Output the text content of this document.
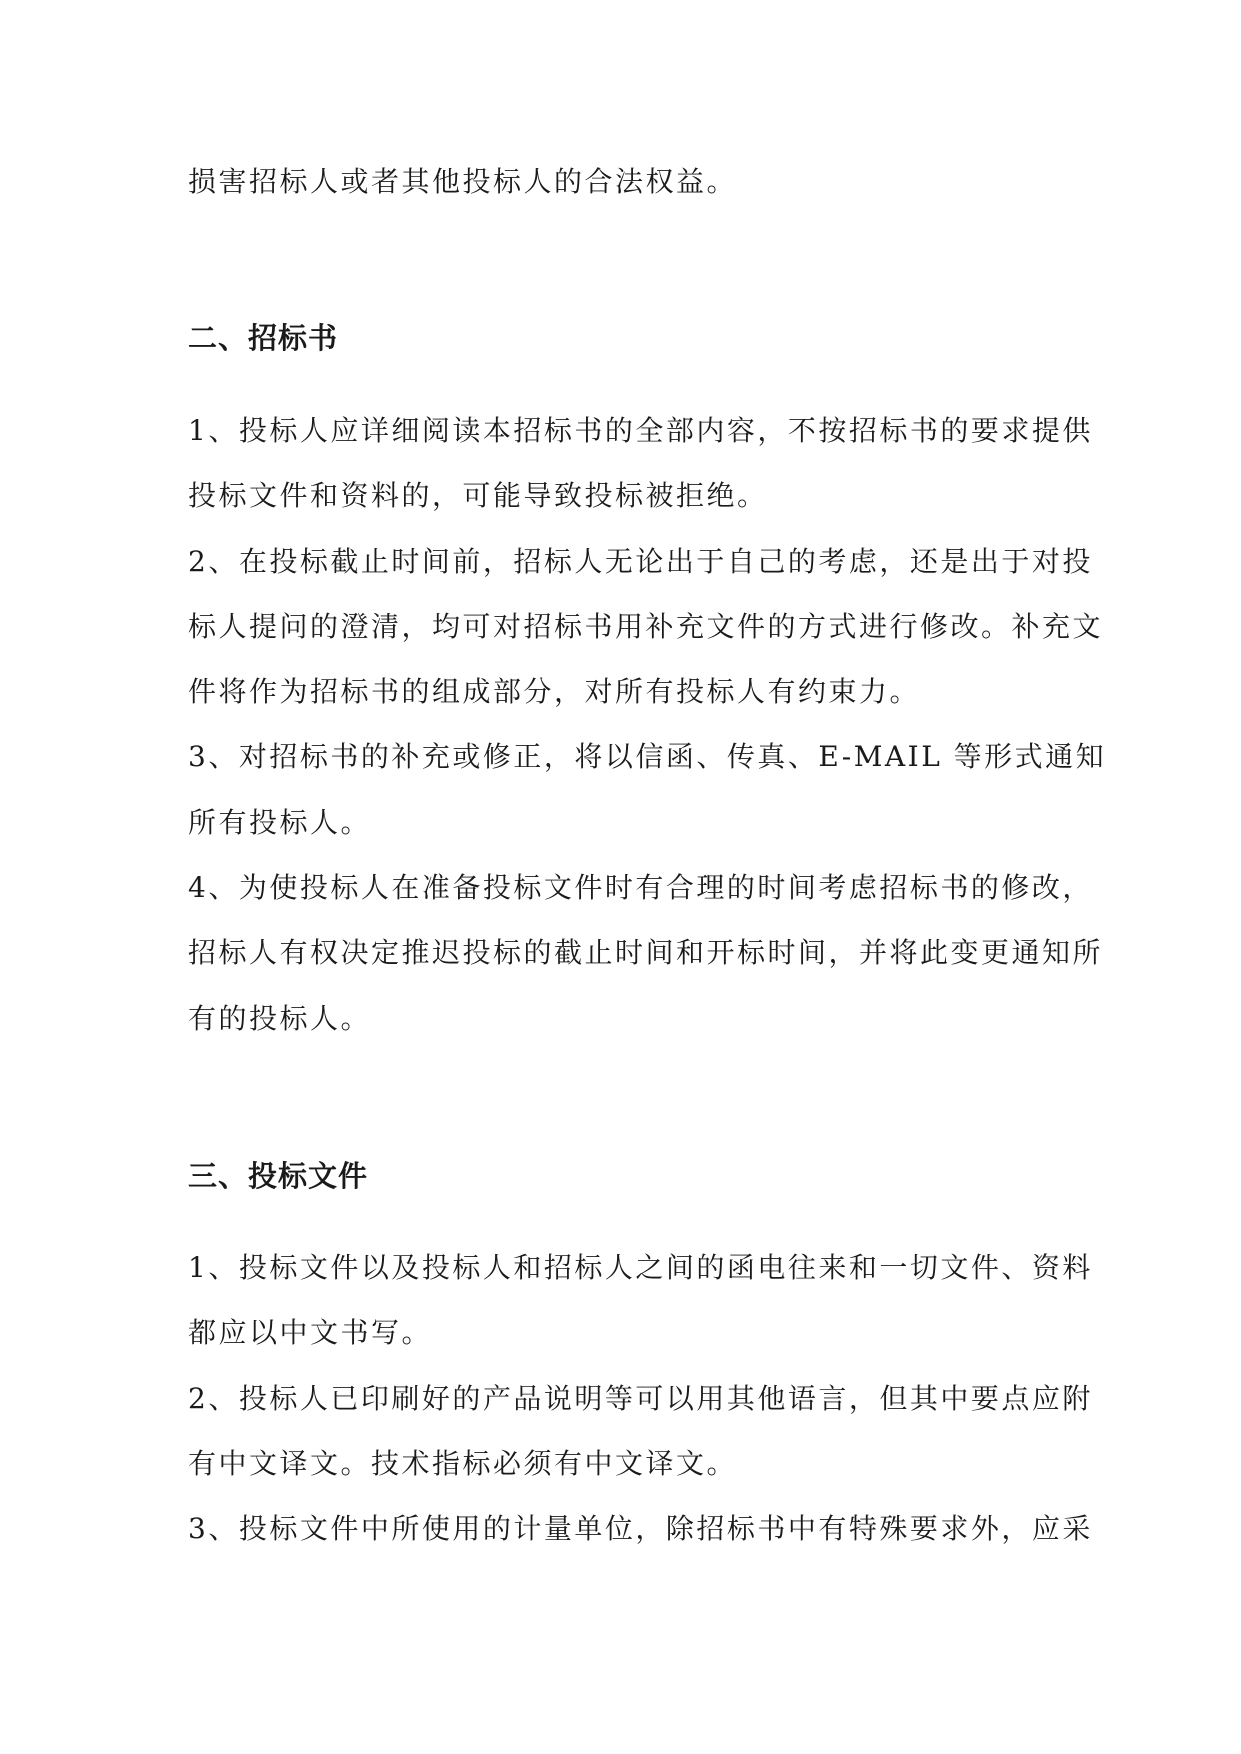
损害招标人或者其他投标人的合法权益。
二、招标书
1、投标人应详细阅读本招标书的全部内容，不按招标书的要求提供
投标文件和资料的，可能导致投标被拒绝。
2、在投标截止时间前，招标人无论出于自己的考虑，还是出于对投
标人提问的澄清，均可对招标书用补充文件的方式进行修改。补充文
件将作为招标书的组成部分，对所有投标人有约束力。
3、对招标书的补充或修正，将以信函、传真、E-MAIL 等形式通知
所有投标人。
4、为使投标人在准备投标文件时有合理的时间考虑招标书的修改，
招标人有权决定推迟投标的截止时间和开标时间，并将此变更通知所
有的投标人。
三、投标文件
1、投标文件以及投标人和招标人之间的函电往来和一切文件、资料
都应以中文书写。
2、投标人已印刷好的产品说明等可以用其他语言，但其中要点应附
有中文译文。技术指标必须有中文译文。
3、投标文件中所使用的计量单位，除招标书中有特殊要求外，应采
